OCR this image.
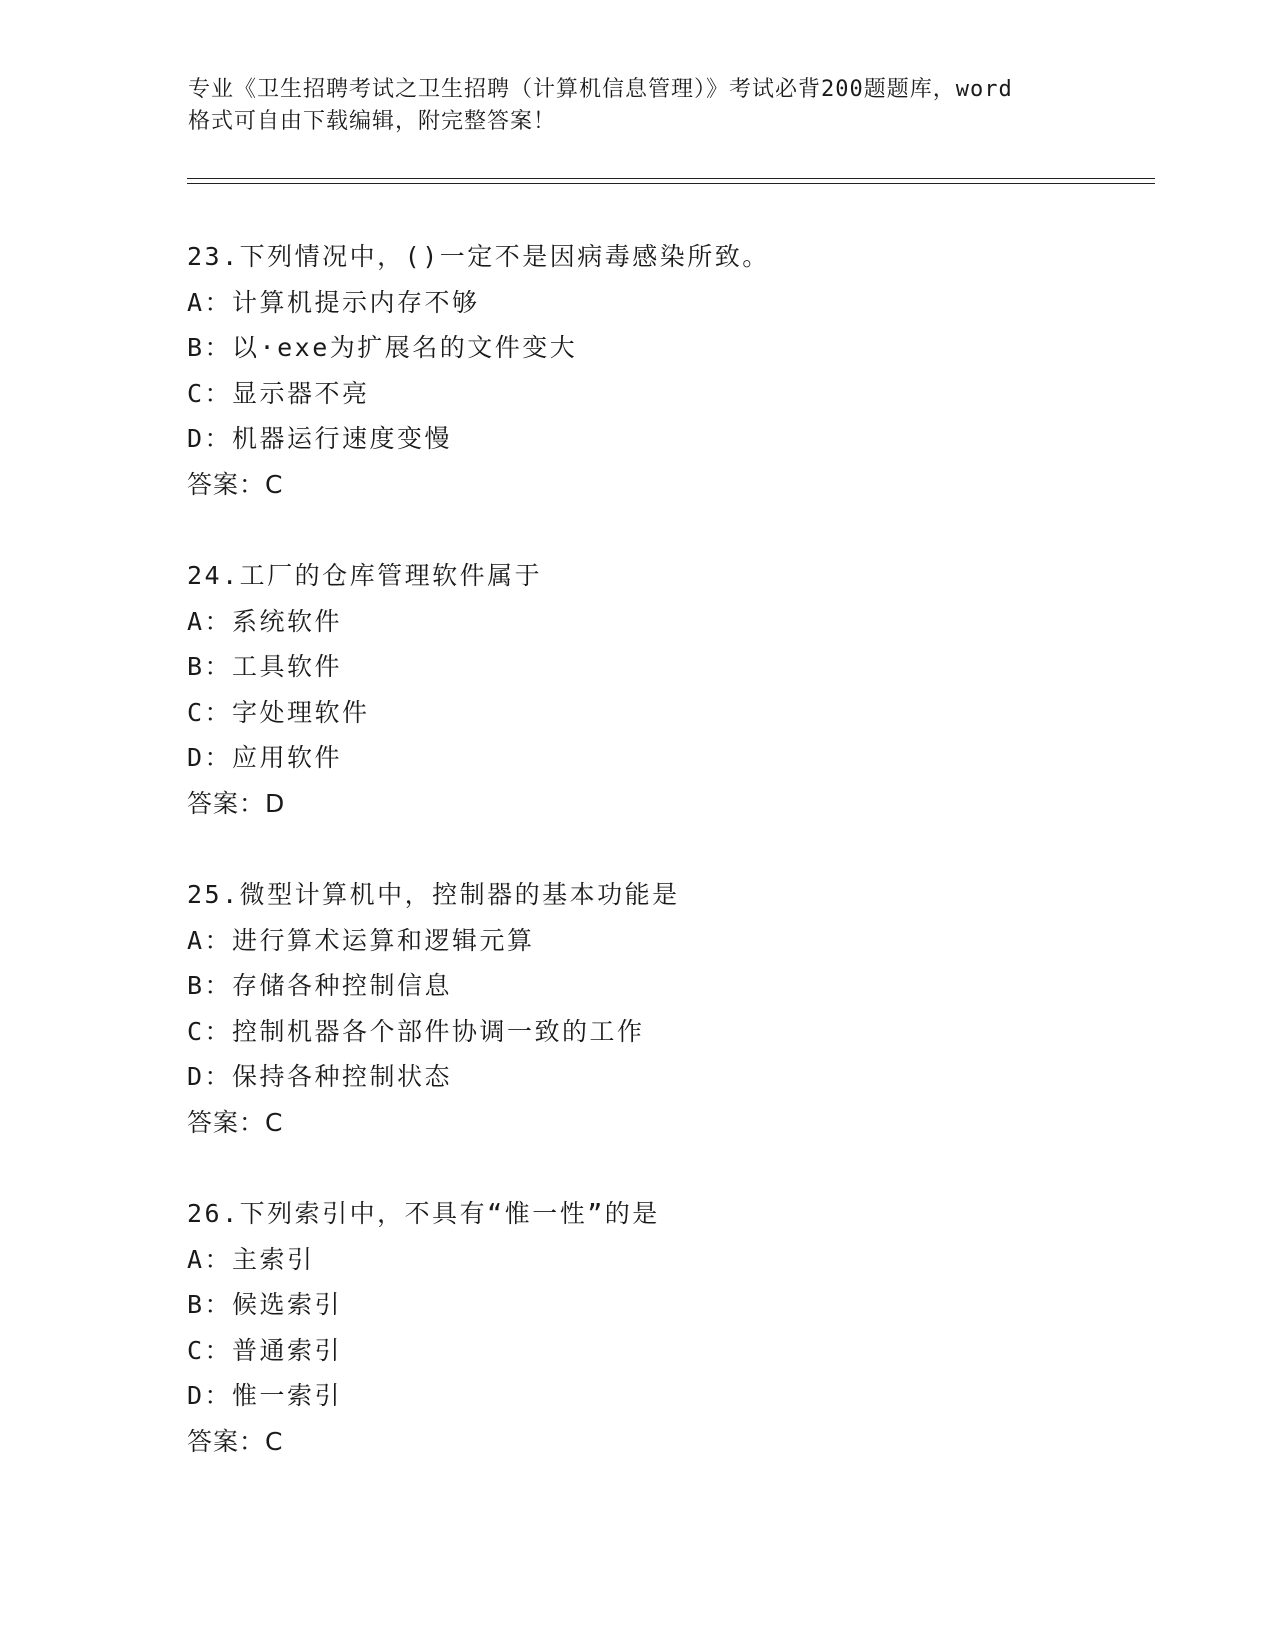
专业《卫生招聘考试之卫生招聘（计算机信息管理）》考试必背200题题库，word
格式可自由下载编辑，附完整答案！
23.下列情况中，()一定不是因病毒感染所致。
A：计算机提示内存不够
B：以·exe为扩展名的文件变大
C：显示器不亮
D：机器运行速度变慢
答案：C
24.工厂的仓库管理软件属于
A：系统软件
B：工具软件
C：字处理软件
D：应用软件
答案：D
25.微型计算机中，控制器的基本功能是
A：进行算术运算和逻辑元算
B：存储各种控制信息
C：控制机器各个部件协调一致的工作
D：保持各种控制状态
答案：C
26.下列索引中，不具有“惟一性”的是
A：主索引
B：候选索引
C：普通索引
D：惟一索引
答案：C
